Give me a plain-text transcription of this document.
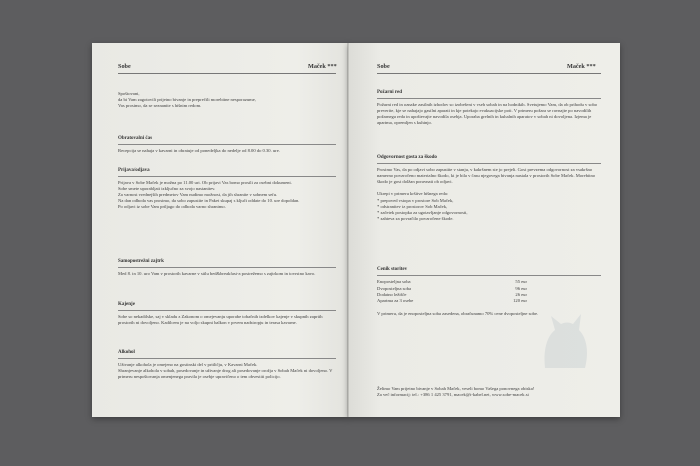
Sobe	Maček ***

Spoštovani,
da bi Vam zagotovili prijetno bivanje in preprečili morebitne nesporazume,
Vas prosimo, da se seznanite s hišnim redom.

Obratovalni čas

Recepcija se nahaja v kavarni in obratuje od ponedeljka do nedelje od 8.00 do 0.30. ure.

Prijava/odjava

Prijava v Sobe Maček je možna po 11.00 uri. Ob prijavi Vas bomo prosili za osebni dokument.
Sobe smete uporabljati izključno za svojo nastanitev.
Za varnost vrednejših predmetov Vam nudimo možnost, da jih shranite v sobnem sefu.
Na dan odhoda vas prosimo, da sobo zapustite in Paket skupaj s ključi oddate do 10. ure dopoldan.
Po odjavi iz sobe Vam prtljago do odhoda varno shranimo.

Samopostrežni zajtrk

Med 8. in 10. uro Vam v prostorih kavarne v stilu bed&breakfast-a postrežemo s zajtrkom in tovrstno kavo.

Kajenje

Sobe so nekadilske, saj v skladu z Zakonom o omejevanju uporabe tobačnih izdelkov kajenje v skupnih zaprtih prostorih ni dovoljeno. Kadilcem je na voljo skupni balkon v prvem nadstropju in terasa kavarne.

Alkohol

Uživanje alkohola je omejeno na gostinski del v pritličju, v Kavarni Maček.
Shranjevanje alkohola v sobah, posedovanje in uživanje drog ali posedovanje orožja v Sobah Maček ni dovoljeno. V primeru nespoštovanja omenjenega pravila je osebje upravičeno o tem obvestiti policijo.

Sobe	Maček ***

Požarni red

Požarni red in oznake zasilnih izhodov so izobešeni v vseh sobah in na hodnikih. Svetujemo Vam, da ob prihodu v sobo preverite, kje se nahajajo gasilni aparati in kje potekajo evakuacijske poti. V primeru požara se ravnajte po navodilih požarnega reda in upoštevajte navodila osebja. Uporaba grelnih in kuhalnih aparatov v sobah ni dovoljena. Izjema je apartma, opremljen s kuhinjo.

Odgovornost gosta za škodo

Prosimo Vas, da po odjavi sobo zapustite v stanju, v kakršnem ste jo prejeli. Gost prevzema odgovornost za vsakršno namerno povzročeno materialno škodo, ki je bila v času njegovega bivanja nastala v prostorih Sobe Maček. Morebitno škodo je gost dolžan poravnati ob odjavi.

Ukrepi v primeru kršitve hišnega reda:
* prepoved vstopa v prostore Sob Maček,
* odstranitev iz prostorov Sob Maček,
* začetek postopka za ugotavljanje odgovornosti,
* zahteva za povračilo povzročene škode.

Cenik storitev

Enoposteljna soba	55 eur
Dvoposteljna soba	96 eur
Dodatno ležišče	26 eur
Apartma za 3 osebe	120 eur

V primeru, da je enoposteljna soba zasedena, obračunamo 70% cene dvoposteljne sobe.

Želimo Vam prijetno bivanje v Sobah Maček, veseli bomo Vašega ponovnega obiska!

Za več informacij: tel.: +386 1 425 3791, macek@t-kabel.net, www.sobe-macek.si
